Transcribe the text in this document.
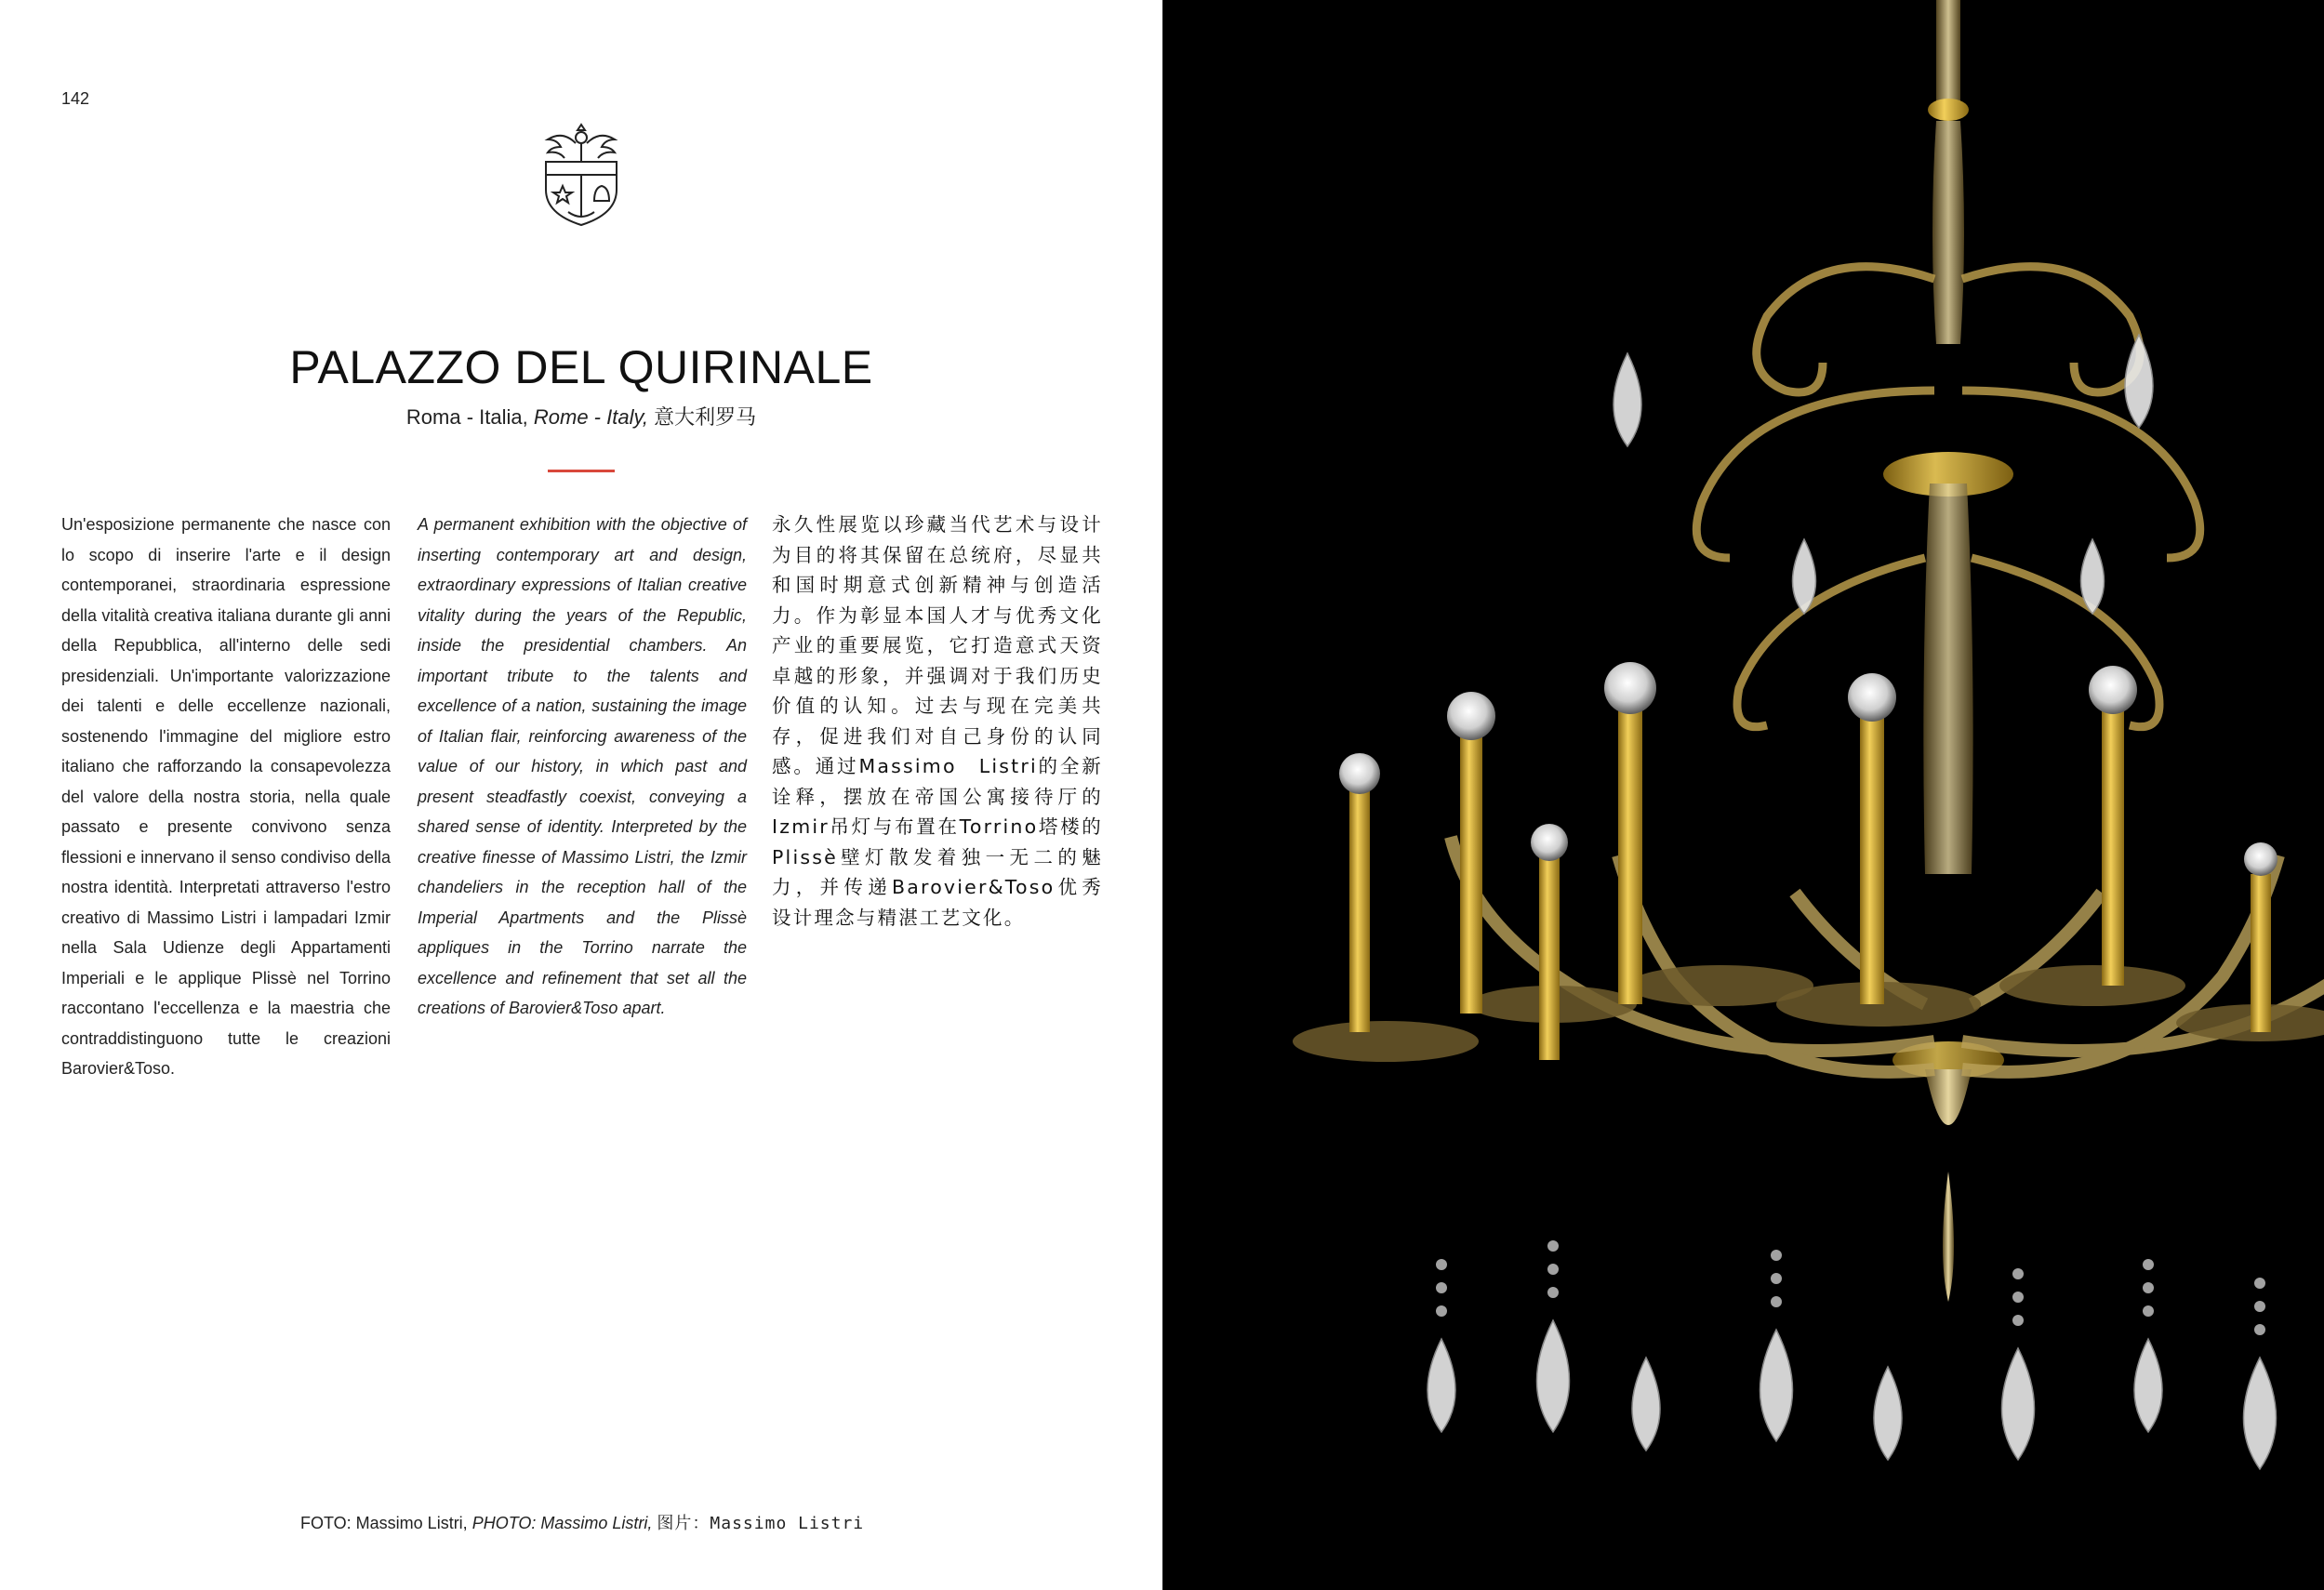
142
PALAZZO DEL QUIRINALE
Roma - Italia, Rome - Italy, 意大利罗马
Un'esposizione permanente che nasce con lo scopo di inserire l'arte e il design contemporanei, straordinaria espressione della vitalità creativa italiana durante gli anni della Repubblica, all'interno delle sedi presidenziali. Un'importante valorizzazione dei talenti e delle eccellenze nazionali, sostenendo l'immagine del migliore estro italiano che rafforzando la consapevolezza del valore della nostra storia, nella quale passato e presente convivono senza flessioni e innervano il senso condiviso della nostra identità. Interpretati attraverso l'estro creativo di Massimo Listri i lampadari Izmir nella Sala Udienze degli Appartamenti Imperiali e le applique Plissè nel Torrino raccontano l'eccellenza e la maestria che contraddistinguono tutte le creazioni Barovier&Toso.
A permanent exhibition with the objective of inserting contemporary art and design, extraordinary expressions of Italian creative vitality during the years of the Republic, inside the presidential chambers. An important tribute to the talents and excellence of a nation, sustaining the image of Italian flair, reinforcing awareness of the value of our history, in which past and present steadfastly coexist, conveying a shared sense of identity. Interpreted by the creative finesse of Massimo Listri, the Izmir chandeliers in the reception hall of the Imperial Apartments and the Plissè appliques in the Torrino narrate the excellence and refinement that set all the creations of Barovier&Toso apart.
永久性展览以珍藏当代艺术与设计为目的将其保留在总统府，尽显共和国时期意式创新精神与创造活力。作为彰显本国人才与优秀文化产业的重要展览，它打造意式天资卓越的形象，并强调对于我们历史价值的认知。过去与现在完美共存，促进我们对自己身份的认同感。通过Massimo　Listri的全新诠释，摆放在帝国公寓接待厅的Izmir吊灯与布置在Torrino塔楼的Plissè壁灯散发着独一无二的魅力，并传递Barovier&Toso优秀设计理念与精湛工艺文化。
FOTO: Massimo Listri, PHOTO: Massimo Listri, 图片：Massimo Listri
